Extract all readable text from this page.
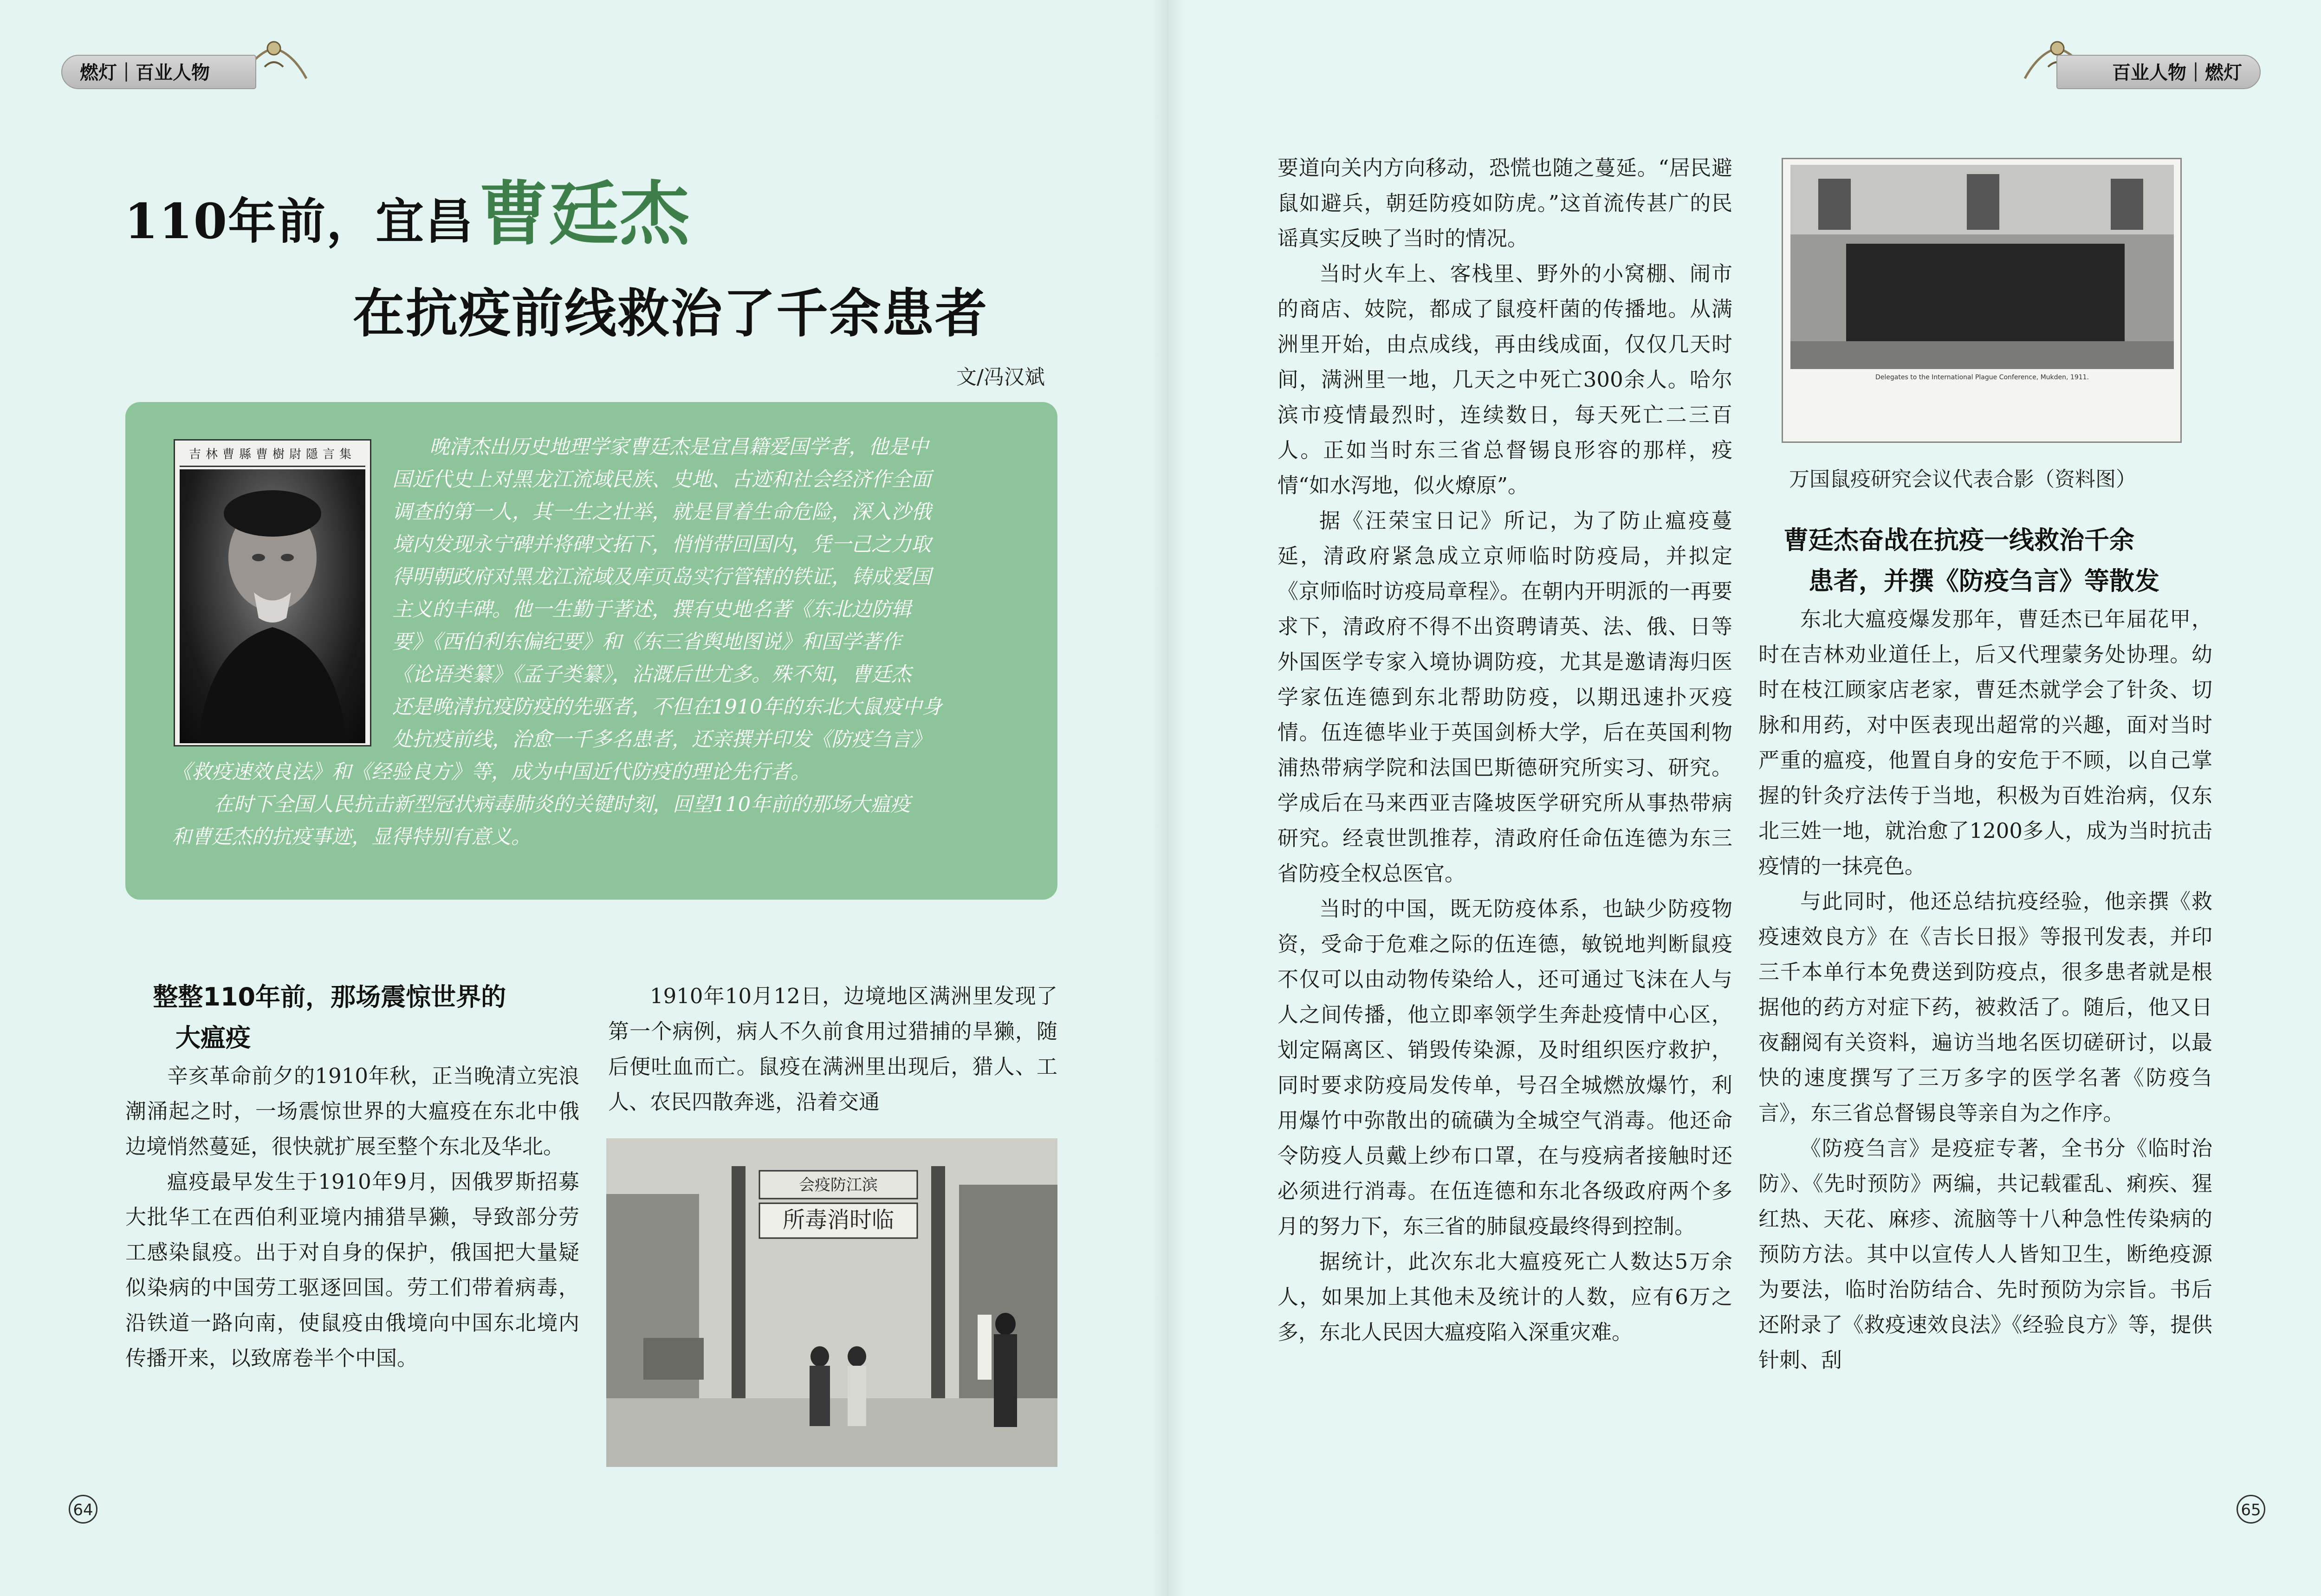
燃灯｜百业人物	百业人物｜燃灯
110年前，宜昌曹廷杰
在抗疫前线救治了千余患者
文/冯汉斌
吉林曹縣曹樹尉隱言集	晚清杰出历史地理学家曹廷杰是宜昌籍爱国学者，他是中
国近代史上对黑龙江流域民族、史地、古迹和社会经济作全面
调查的第一人，其一生之壮举，就是冒着生命危险，深入沙俄
境内发现永宁碑并将碑文拓下，悄悄带回国内，凭一己之力取
得明朝政府对黑龙江流域及库页岛实行管辖的铁证，铸成爱国
主义的丰碑。他一生勤于著述，撰有史地名著《东北边防辑
要》《西伯利东偏纪要》和《东三省舆地图说》和国学著作
《论语类纂》《孟子类纂》，沾溉后世尤多。殊不知，曹廷杰
还是晚清抗疫防疫的先驱者，不但在1910年的东北大鼠疫中身
处抗疫前线，治愈一千多名患者，还亲撰并印发《防疫刍言》
《救疫速效良法》和《经验良方》等，成为中国近代防疫的理论先行者。
在时下全国人民抗击新型冠状病毒肺炎的关键时刻，回望110年前的那场大瘟疫
和曹廷杰的抗疫事迹，显得特别有意义。

整整110年前，那场震惊世界的

大瘟疫

辛亥革命前夕的1910年秋，正当晚清立宪浪潮涌起之时，一场震惊世界的大瘟疫在东北中俄边境悄然蔓延，很快就扩展至整个东北及华北。

瘟疫最早发生于1910年9月，因俄罗斯招募大批华工在西伯利亚境内捕猎旱獭，导致部分劳工感染鼠疫。出于对自身的保护，俄国把大量疑似染病的中国劳工驱逐回国。劳工们带着病毒，沿铁道一路向南，使鼠疫由俄境向中国东北境内传播开来，以致席卷半个中国。

1910年10月12日，边境地区满洲里发现了第一个病例，病人不久前食用过猎捕的旱獭，随后便吐血而亡。鼠疫在满洲里出现后，猎人、工人、农民四散奔逃，沿着交通

会疫防江滨
所毒消时临

要道向关内方向移动，恐慌也随之蔓延。“居民避鼠如避兵，朝廷防疫如防虎。”这首流传甚广的民谣真实反映了当时的情况。

当时火车上、客栈里、野外的小窝棚、闹市的商店、妓院，都成了鼠疫杆菌的传播地。从满洲里开始，由点成线，再由线成面，仅仅几天时间，满洲里一地，几天之中死亡300余人。哈尔滨市疫情最烈时，连续数日，每天死亡二三百人。正如当时东三省总督锡良形容的那样，疫情“如水泻地，似火燎原”。

据《汪荣宝日记》所记，为了防止瘟疫蔓延，清政府紧急成立京师临时防疫局，并拟定《京师临时访疫局章程》。在朝内开明派的一再要求下，清政府不得不出资聘请英、法、俄、日等外国医学专家入境协调防疫，尤其是邀请海归医学家伍连德到东北帮助防疫，以期迅速扑灭疫情。伍连德毕业于英国剑桥大学，后在英国利物浦热带病学院和法国巴斯德研究所实习、研究。学成后在马来西亚吉隆坡医学研究所从事热带病研究。经袁世凯推荐，清政府任命伍连德为东三省防疫全权总医官。

当时的中国，既无防疫体系，也缺少防疫物资，受命于危难之际的伍连德，敏锐地判断鼠疫不仅可以由动物传染给人，还可通过飞沫在人与人之间传播，他立即率领学生奔赴疫情中心区，划定隔离区、销毁传染源，及时组织医疗救护，同时要求防疫局发传单，号召全城燃放爆竹，利用爆竹中弥散出的硫磺为全城空气消毒。他还命令防疫人员戴上纱布口罩，在与疫病者接触时还必须进行消毒。在伍连德和东北各级政府两个多月的努力下，东三省的肺鼠疫最终得到控制。

据统计，此次东北大瘟疫死亡人数达5万余人，如果加上其他未及统计的人数，应有6万之多，东北人民因大瘟疫陷入深重灾难。

Delegates to the International Plague Conference, Mukden, 1911.
万国鼠疫研究会议代表合影（资料图）

曹廷杰奋战在抗疫一线救治千余

患者，并撰《防疫刍言》等散发

东北大瘟疫爆发那年，曹廷杰已年届花甲，时在吉林劝业道任上，后又代理蒙务处协理。幼时在枝江顾家店老家，曹廷杰就学会了针灸、切脉和用药，对中医表现出超常的兴趣，面对当时严重的瘟疫，他置自身的安危于不顾，以自己掌握的针灸疗法传于当地，积极为百姓治病，仅东北三姓一地，就治愈了1200多人，成为当时抗击疫情的一抹亮色。

与此同时，他还总结抗疫经验，他亲撰《救疫速效良方》在《吉长日报》等报刊发表，并印三千本单行本免费送到防疫点，很多患者就是根据他的药方对症下药，被救活了。随后，他又日夜翻阅有关资料，遍访当地名医切磋研讨，以最快的速度撰写了三万多字的医学名著《防疫刍言》，东三省总督锡良等亲自为之作序。

《防疫刍言》是疫症专著，全书分《临时治防》、《先时预防》两编，共记载霍乱、痢疾、猩红热、天花、麻疹、流脑等十八种急性传染病的预防方法。其中以宣传人人皆知卫生，断绝疫源为要法，临时治防结合、先时预防为宗旨。书后还附录了《救疫速效良法》《经验良方》等，提供针刺、刮

64	65
